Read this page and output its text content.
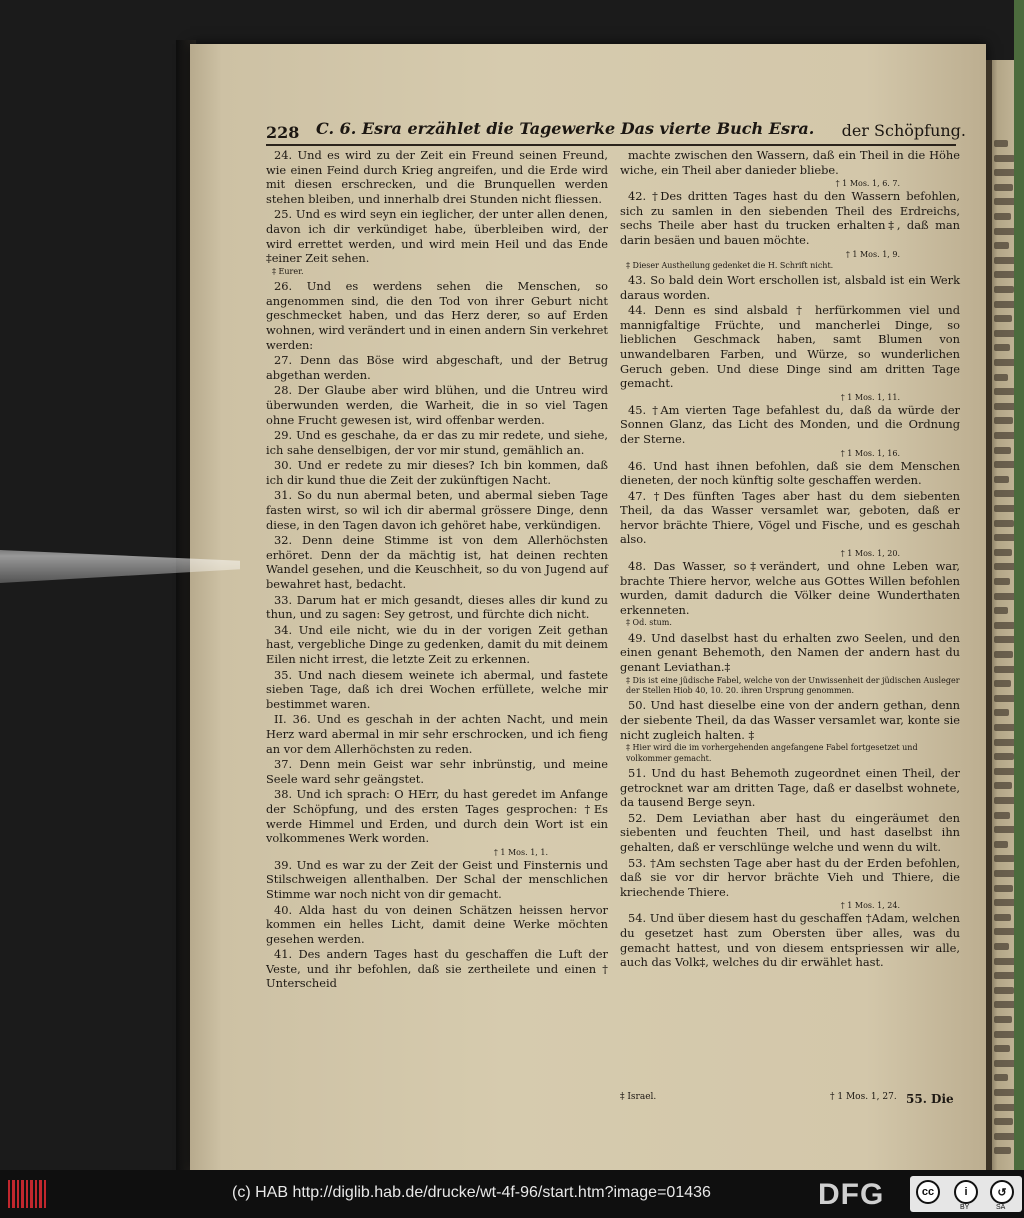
228 C. 6. Esra erzählet die Tagewerke Das vierte Buch Esra. der Schöpfung.
24. Und es wird zu der Zeit ein Freund seinen Freund, wie einen Feind durch Krieg angreifen, und die Erde wird mit diesen erschrecken, und die Brunquellen werden stehen bleiben, und innerhalb drei Stunden nicht fliessen.
25. Und es wird seyn ein ieglicher, der unter allen denen, davon ich dir verkündiget habe, überbleiben wird, der wird errettet werden, und wird mein Heil und das Ende ‡einer Zeit sehen.
‡ Eurer.
26. Und es werdens sehen die Menschen, so angenommen sind, die den Tod von ihrer Geburt nicht geschmecket haben, und das Herz derer, so auf Erden wohnen, wird verändert und in einen andern Sin verkehret werden:
27. Denn das Böse wird abgeschaft, und der Betrug abgethan werden.
28. Der Glaube aber wird blühen, und die Untreu wird überwunden werden, die Warheit, die in so viel Tagen ohne Frucht gewesen ist, wird offenbar werden.
29. Und es geschahe, da er das zu mir redete, und siehe, ich sahe denselbigen, der vor mir stund, gemählich an.
30. Und er redete zu mir dieses? Ich bin kommen, daß ich dir kund thue die Zeit der zukünftigen Nacht.
31. So du nun abermal beten, und abermal sieben Tage fasten wirst, so wil ich dir abermal grössere Dinge, denn diese, in den Tagen davon ich gehöret habe, verkündigen.
32. Denn deine Stimme ist von dem Allerhöchsten erhöret. Denn der da mächtig ist, hat deinen rechten Wandel gesehen, und die Keuschheit, so du von Jugend auf bewahret hast, bedacht.
33. Darum hat er mich gesandt, dieses alles dir kund zu thun, und zu sagen: Sey getrost, und fürchte dich nicht.
34. Und eile nicht, wie du in der vorigen Zeit gethan hast, vergebliche Dinge zu gedenken, damit du mit deinem Eilen nicht irrest, die letzte Zeit zu erkennen.
35. Und nach diesem weinete ich abermal, und fastete sieben Tage, daß ich drei Wochen erfüllete, welche mir bestimmet waren.
II. 36. Und es geschah in der achten Nacht, und mein Herz ward abermal in mir sehr erschrocken, und ich fieng an vor dem Allerhöchsten zu reden.
37. Denn mein Geist war sehr inbrünstig, und meine Seele ward sehr geängstet.
38. Und ich sprach: O HErr, du hast geredet im Anfange der Schöpfung, und des ersten Tages gesprochen: †Es werde Himmel und Erden, und durch dein Wort ist ein volkommenes Werk worden.
† 1 Mos. 1, 1.
39. Und es war zu der Zeit der Geist und Finsternis und Stilschweigen allenthalben. Der Schal der menschlichen Stimme war noch nicht von dir gemacht.
40. Alda hast du von deinen Schätzen heissen hervor kommen ein helles Licht, damit deine Werke möchten gesehen werden.
41. Des andern Tages hast du geschaffen die Luft der Veste, und ihr befohlen, daß sie zertheilete und einen † Unterscheid
machte zwischen den Wassern, daß ein Theil in die Höhe wiche, ein Theil aber danieder bliebe.
† 1 Mos. 1, 6. 7.
42. †Des dritten Tages hast du den Wassern befohlen, sich zu samlen in den siebenden Theil des Erdreichs, sechs Theile aber hast du trucken erhalten‡, daß man darin besäen und bauen möchte.
† 1 Mos. 1, 9.
‡ Dieser Austheilung gedenket die H. Schrift nicht.
43. So bald dein Wort erschollen ist, alsbald ist ein Werk daraus worden.
44. Denn es sind alsbald † herfürkommen viel und mannigfaltige Früchte, und mancherlei Dinge, so lieblichen Geschmack haben, samt Blumen von unwandelbaren Farben, und Würze, so wunderlichen Geruch geben. Und diese Dinge sind am dritten Tage gemacht.
† 1 Mos. 1, 11.
45. †Am vierten Tage befahlest du, daß da würde der Sonnen Glanz, das Licht des Monden, und die Ordnung der Sterne.
† 1 Mos. 1, 16.
46. Und hast ihnen befohlen, daß sie dem Menschen dieneten, der noch künftig solte geschaffen werden.
47. †Des fünften Tages aber hast du dem siebenten Theil, da das Wasser versamlet war, geboten, daß er hervor brächte Thiere, Vögel und Fische, und es geschah also.
† 1 Mos. 1, 20.
48. Das Wasser, so‡verändert, und ohne Leben war, brachte Thiere hervor, welche aus GOttes Willen befohlen wurden, damit dadurch die Völker deine Wunderthaten erkenneten.
‡ Od. stum.
49. Und daselbst hast du erhalten zwo Seelen, und den einen genant Behemoth, den Namen der andern hast du genant Leviathan.‡
‡ Dis ist eine jüdische Fabel, welche von der Unwissenheit der jüdischen Ausleger der Stellen Hiob 40, 10. 20. ihren Ursprung genommen.
50. Und hast dieselbe eine von der andern gethan, denn der siebente Theil, da das Wasser versamlet war, konte sie nicht zugleich halten. ‡
‡ Hier wird die im vorhergehenden angefangene Fabel fortgesetzet und volkommer gemacht.
51. Und du hast Behemoth zugeordnet einen Theil, der getrocknet war am dritten Tage, daß er daselbst wohnete, da tausend Berge seyn.
52. Dem Leviathan aber hast du eingeräumet den siebenten und feuchten Theil, und hast daselbst ihn gehalten, daß er verschlünge welche und wenn du wilt.
53. †Am sechsten Tage aber hast du der Erden befohlen, daß sie vor dir hervor brächte Vieh und Thiere, die kriechende Thiere.
† 1 Mos. 1, 24.
54. Und über diesem hast du geschaffen †Adam, welchen du gesetzet hast zum Obersten über alles, was du gemacht hattest, und von diesem entspriessen wir alle, auch das Volk‡, welches du dir erwählet hast.
‡ Israel.	† 1 Mos. 1, 27. 55. Die
(c) HAB http://diglib.hab.de/drucke/wt-4f-96/start.htm?image=01436	DFG	cc	i	↺
BY	SA
